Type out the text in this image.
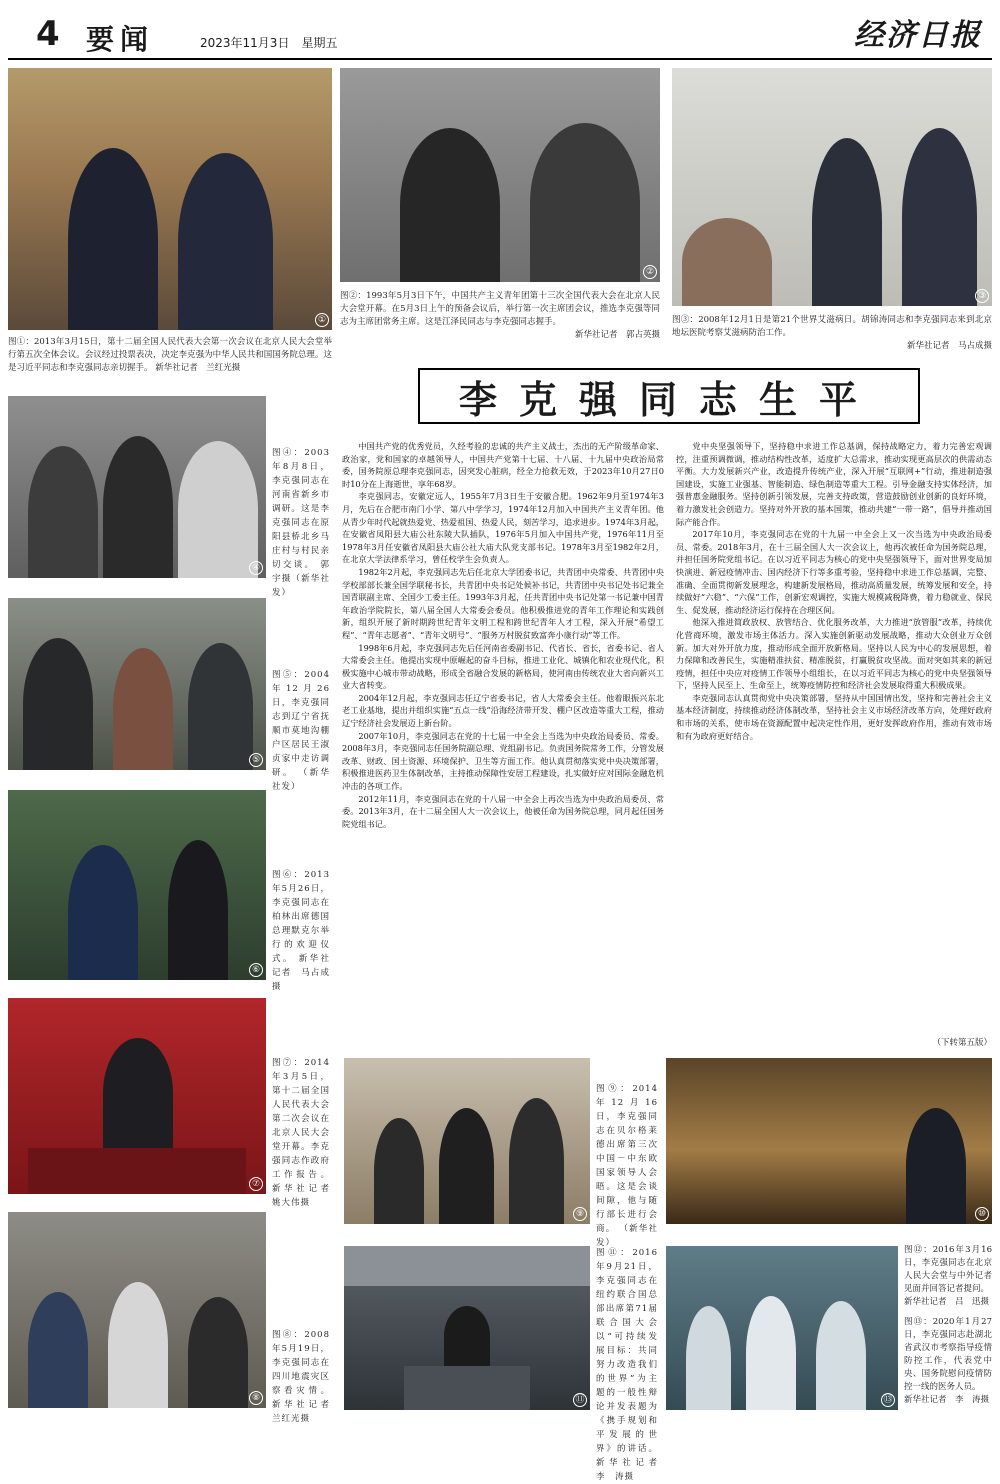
4 要闻	2023年11月3日　星期五	经济日报
①
图①：2013年3月15日，第十二届全国人民代表大会第一次会议在北京人民大会堂举行第五次全体会议。会议经过投票表决，决定李克强为中华人民共和国国务院总理。这是习近平同志和李克强同志亲切握手。 新华社记者　兰红光摄
②
图②：1993年5月3日下午，中国共产主义青年团第十三次全国代表大会在北京人民大会堂开幕。在5月3日上午的预备会议后，举行第一次主席团会议，推选李克强等同志为主席团常务主席。这是江泽民同志与李克强同志握手。
新华社记者　郭占英摄
③
图③：2008年12月1日是第21个世界艾滋病日。胡锦涛同志和李克强同志来到北京地坛医院考察艾滋病防治工作。
新华社记者　马占成摄
李克强同志生平
④
图④：2003年8月8日，李克强同志在河南省新乡市调研。这是李克强同志在原阳县桥北乡马庄村与村民亲切交谈。 郭　宇摄（新华社发）
⑤
图⑤：2004年12月26日，李克强同志到辽宁省抚顺市莫地沟棚户区居民王淑贞家中走访调研。 （新华社发）
⑥
图⑥：2013年5月26日，李克强同志在柏林出席德国总理默克尔举行的欢迎仪式。 新华社记者　马占成摄
⑦
图⑦：2014年3月5日，第十二届全国人民代表大会第二次会议在北京人民大会堂开幕。李克强同志作政府工作报告。 新华社记者　姚大伟摄
⑧
图⑧：2008年5月19日，李克强同志在四川地震灾区察看灾情。 新华社记者　兰红光摄

中国共产党的优秀党员，久经考验的忠诚的共产主义战士，杰出的无产阶级革命家、政治家，党和国家的卓越领导人，中国共产党第十七届、十八届、十九届中央政治局常委，国务院原总理李克强同志，因突发心脏病，经全力抢救无效，于2023年10月27日0时10分在上海逝世，享年68岁。

李克强同志，安徽定远人，1955年7月3日生于安徽合肥。1962年9月至1974年3月，先后在合肥市南门小学、第八中学学习，1974年12月加入中国共产主义青年团。他从青少年时代起就热爱党、热爱祖国、热爱人民，刻苦学习，追求进步。1974年3月起，在安徽省凤阳县大庙公社东陵大队插队，1976年5月加入中国共产党，1976年11月至1978年3月任安徽省凤阳县大庙公社大庙大队党支部书记。1978年3月至1982年2月，在北京大学法律系学习，曾任校学生会负责人。

1982年2月起，李克强同志先后任北京大学团委书记，共青团中央常委、共青团中央学校部部长兼全国学联秘书长，共青团中央书记处候补书记，共青团中央书记处书记兼全国青联副主席、全国少工委主任。1993年3月起，任共青团中央书记处第一书记兼中国青年政治学院院长，第八届全国人大常委会委员。他积极推进党的青年工作理论和实践创新，组织开展了新时期跨世纪青年文明工程和跨世纪青年人才工程，深入开展“希望工程”、“青年志愿者”、“青年文明号”、“服务万村脱贫致富奔小康行动”等工作。

1998年6月起，李克强同志先后任河南省委副书记、代省长、省长，省委书记、省人大常委会主任。他提出实现中原崛起的奋斗目标，推进工业化、城镇化和农业现代化，积极实施中心城市带动战略，形成全省融合发展的新格局，使河南由传统农业大省向新兴工业大省转变。

2004年12月起，李克强同志任辽宁省委书记，省人大常委会主任。他着眼振兴东北老工业基地，提出并组织实施“五点一线”沿海经济带开发、棚户区改造等重大工程，推动辽宁经济社会发展迈上新台阶。

2007年10月，李克强同志在党的十七届一中全会上当选为中央政治局委员、常委。2008年3月，李克强同志任国务院副总理、党组副书记。负责国务院常务工作，分管发展改革、财政、国土资源、环境保护、卫生等方面工作。他认真贯彻落实党中央决策部署，积极推进医药卫生体制改革，主持推动保障性安居工程建设，扎实做好应对国际金融危机冲击的各项工作。

2012年11月，李克强同志在党的十八届一中全会上再次当选为中央政治局委员、常委。2013年3月，在十二届全国人大一次会议上，他被任命为国务院总理，同月起任国务院党组书记。

党中央坚强领导下，坚持稳中求进工作总基调，保持战略定力，着力完善宏观调控，注重预调微调，推动结构性改革，适度扩大总需求，推动实现更高层次的供需动态平衡。大力发展新兴产业，改造提升传统产业，深入开展“互联网+”行动，推进制造强国建设，实施工业强基、智能制造、绿色制造等重大工程。引导金融支持实体经济，加强普惠金融服务。坚持创新引领发展，完善支持政策，营造鼓励创业创新的良好环境，着力激发社会创造力。坚持对外开放的基本国策，推动共建“一带一路”，倡导并推动国际产能合作。

2017年10月，李克强同志在党的十九届一中全会上又一次当选为中央政治局委员、常委。2018年3月，在十三届全国人大一次会议上，他再次被任命为国务院总理，并担任国务院党组书记。在以习近平同志为核心的党中央坚强领导下，面对世界变局加快演进、新冠疫情冲击、国内经济下行等多重考验，坚持稳中求进工作总基调，完整、准确、全面贯彻新发展理念，构建新发展格局，推动高质量发展，统筹发展和安全，持续做好“六稳”、“六保”工作，创新宏观调控，实施大规模减税降费，着力稳就业、保民生、促发展，推动经济运行保持在合理区间。

他深入推进简政放权、放管结合、优化服务改革，大力推进“放管服”改革，持续优化营商环境，激发市场主体活力。深入实施创新驱动发展战略，推动大众创业万众创新。加大对外开放力度，推动形成全面开放新格局。坚持以人民为中心的发展思想，着力保障和改善民生，实施精准扶贫、精准脱贫，打赢脱贫攻坚战。面对突如其来的新冠疫情，担任中央应对疫情工作领导小组组长，在以习近平同志为核心的党中央坚强领导下，坚持人民至上、生命至上，统筹疫情防控和经济社会发展取得重大积极成果。

李克强同志认真贯彻党中央决策部署，坚持从中国国情出发，坚持和完善社会主义基本经济制度，持续推动经济体制改革，坚持社会主义市场经济改革方向，处理好政府和市场的关系，使市场在资源配置中起决定性作用，更好发挥政府作用，推动有效市场和有为政府更好结合。

（下转第五版）
⑨
图⑨：2014年12月16日，李克强同志在贝尔格莱德出席第三次中国－中东欧国家领导人会晤。这是会谈间隙，他与随行部长进行会商。 （新华社发）
⑩
⑪
图⑪：2016年9月21日，李克强同志在纽约联合国总部出席第71届联合国大会以“可持续发展目标：共同努力改造我们的世界”为主题的一般性辩论并发表题为《携手规划和平发展的世界》的讲话。 新华社记者　李　涛摄
图⑫：2016年3月16日，李克强同志在北京人民大会堂与中外记者见面并回答记者提问。
新华社记者　吕　迅摄
⑬
图⑬：2020年1月27日，李克强同志赴湖北省武汉市考察指导疫情防控工作，代表党中央、国务院慰问疫情防控一线的医务人员。
新华社记者　李　涛摄
